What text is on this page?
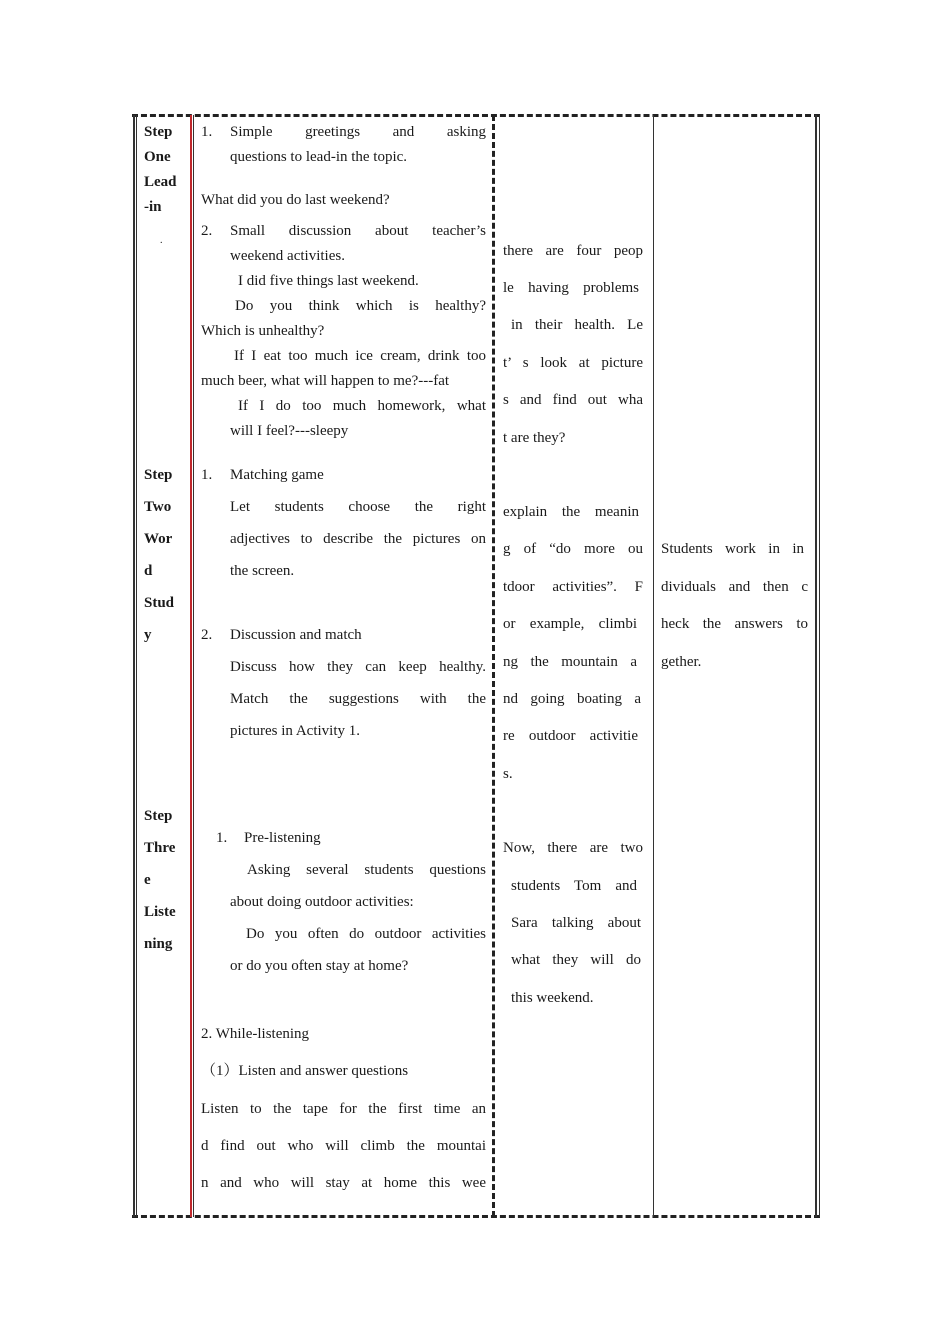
Step
One
Lead
-in
.
Step
Two
Wor
d
Stud
y
Step
Thre
e
Liste
ning
1. Simple greetings and asking
questions to lead-in the topic.
What did you do last weekend?
2. Small discussion about teacher’s
weekend activities.
I did five things last weekend.
Do you think which is healthy?
Which is unhealthy?
If I eat too much ice cream, drink too
much beer, what will happen to me?---fat
If I do too much homework, what
will I feel?---sleepy
1. Matching game
Let students choose the right
adjectives to describe the pictures on
the screen.
2. Discussion and match
Discuss how they can keep healthy.
Match the suggestions with the
pictures in Activity 1.
1. Pre-listening
Asking several students questions
about doing outdoor activities:
Do you often do outdoor activities
or do you often stay at home?
2. While-listening
（1）Listen and answer questions
Listen to the tape for the first time an
d find out who will climb the mountai
n and who will stay at home this wee
there are four peop
le having problems
in their health. Le
t’ s look at picture
s and find out wha
t are they?
explain the meanin
g of “do more ou
tdoor activities”. F
or example, climbi
ng the mountain a
nd going boating a
re outdoor activitie
s.
Now, there are two
students Tom and
Sara talking about
what they will do
this weekend.
Students work in in
dividuals and then c
heck the answers to
gether.
